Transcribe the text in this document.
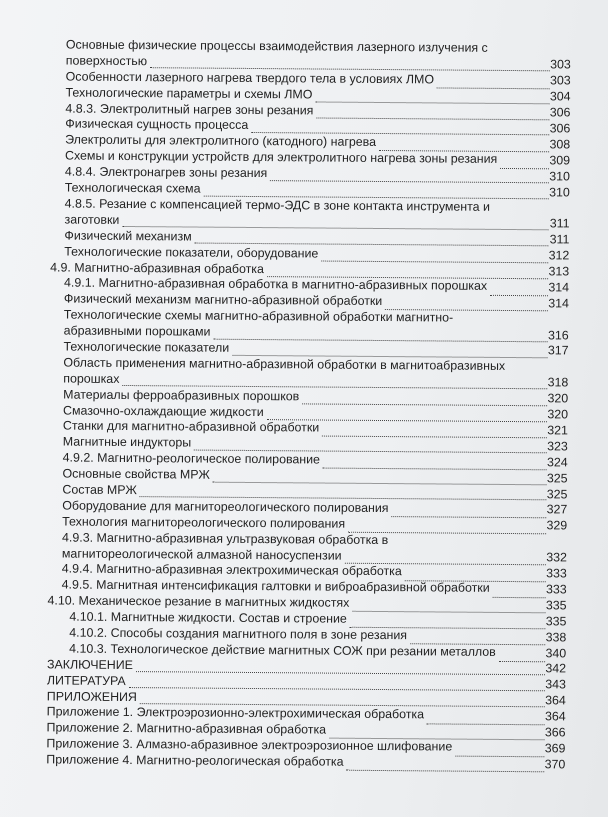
Основные физические процессы взаимодействия лазерного излучения с поверхностью	303
Особенности лазерного нагрева твердого тела в условиях ЛМО	303
Технологические параметры и схемы ЛМО	304
4.8.3. Электролитный нагрев зоны резания	306
Физическая сущность процесса	306
Электролиты для электролитного (катодного) нагрева	308
Схемы и конструкции устройств для электролитного нагрева зоны резания	309
4.8.4. Электронагрев зоны резания	310
Технологическая схема	310
4.8.5. Резание с компенсацией термо-ЭДС в зоне контакта инструмента и заготовки	311
Физический механизм	311
Технологические показатели, оборудование	312
4.9. Магнитно-абразивная обработка	313
4.9.1. Магнитно-абразивная обработка в магнитно-абразивных порошках	314
Физический механизм магнитно-абразивной обработки	314
Технологические схемы магнитно-абразивной обработки магнитно-абразивными порошками	316
Технологические показатели	317
Область применения магнитно-абразивной обработки в магнитоабразивных порошках	318
Материалы ферроабразивных порошков	320
Смазочно-охлаждающие жидкости	320
Станки для магнитно-абразивной обработки	321
Магнитные индукторы	323
4.9.2. Магнитно-реологическое полирование	324
Основные свойства МРЖ	325
Состав МРЖ	325
Оборудование для магнитореологического полирования	327
Технология магнитореологического полирования	329
4.9.3. Магнитно-абразивная ультразвуковая обработка в магнитореологической алмазной наносуспензии	332
4.9.4. Магнитно-абразивная электрохимическая обработка	333
4.9.5. Магнитная интенсификация галтовки и виброабразивной обработки	333
4.10. Механическое резание в магнитных жидкостях	335
4.10.1. Магнитные жидкости. Состав и строение	335
4.10.2. Способы создания магнитного поля в зоне резания	338
4.10.3. Технологическое действие магнитных СОЖ при резании металлов	340
ЗАКЛЮЧЕНИЕ	342
ЛИТЕРАТУРА	343
ПРИЛОЖЕНИЯ	364
Приложение 1. Электроэрозионно-электрохимическая обработка	364
Приложение 2. Магнитно-абразивная обработка	366
Приложение 3. Алмазно-абразивное электроэрозионное шлифование	369
Приложение 4. Магнитно-реологическая обработка	370
